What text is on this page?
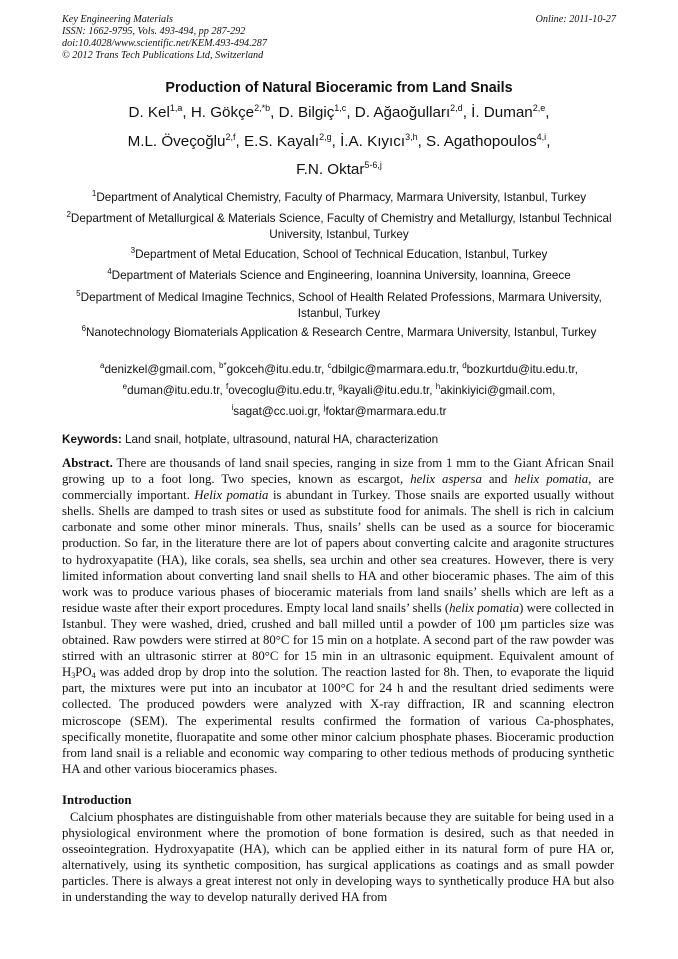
Key Engineering Materials
ISSN: 1662-9795, Vols. 493-494, pp 287-292
doi:10.4028/www.scientific.net/KEM.493-494.287
© 2012 Trans Tech Publications Ltd, Switzerland
Online: 2011-10-27
Production of Natural Bioceramic from Land Snails
D. Kel$^{1,a}$, H. Gökçe$^{2,*b}$, D. Bilgiç$^{1,c}$, D. Ağaoğulları$^{2,d}$, İ. Duman$^{2,e}$,
M.L. Öveçoğlu$^{2,f}$, E.S. Kayalı$^{2,g}$, İ.A. Kıyıcı$^{3,h}$, S. Agathopoulos$^{4,i}$,
F.N. Oktar$^{5-6,j}$
$^1$Department of Analytical Chemistry, Faculty of Pharmacy, Marmara University, Istanbul, Turkey
$^2$Department of Metallurgical & Materials Science, Faculty of Chemistry and Metallurgy, Istanbul Technical University, Istanbul, Turkey
$^3$Department of Metal Education, School of Technical Education, Istanbul, Turkey
$^4$Department of Materials Science and Engineering, Ioannina University, Ioannina, Greece
$^5$Department of Medical Imagine Technics, School of Health Related Professions, Marmara University, Istanbul, Turkey
$^6$Nanotechnology Biomaterials Application & Research Centre, Marmara University, Istanbul, Turkey
$^a$denizkel@gmail.com, $^{b*}$gokceh@itu.edu.tr, $^c$dbilgic@marmara.edu.tr, $^d$bozkurtdu@itu.edu.tr,
$^e$duman@itu.edu.tr, $^f$ovecoglu@itu.edu.tr, $^g$kayali@itu.edu.tr, $^h$akinkiyici@gmail.com,
$^i$sagat@cc.uoi.gr, $^j$foktar@marmara.edu.tr
Keywords: Land snail, hotplate, ultrasound, natural HA, characterization

Abstract. There are thousands of land snail species, ranging in size from 1 mm to the Giant African Snail growing up to a foot long. Two species, known as escargot, helix aspersa and helix pomatia, are commercially important. Helix pomatia is abundant in Turkey. Those snails are exported usually without shells. Shells are damped to trash sites or used as substitute food for animals. The shell is rich in calcium carbonate and some other minor minerals. Thus, snails’ shells can be used as a source for bioceramic production. So far, in the literature there are lot of papers about converting calcite and aragonite structures to hydroxyapatite (HA), like corals, sea shells, sea urchin and other sea creatures. However, there is very limited information about converting land snail shells to HA and other bioceramic phases. The aim of this work was to produce various phases of bioceramic materials from land snails’ shells which are left as a residue waste after their export procedures. Empty local land snails’ shells (helix pomatia) were collected in Istanbul. They were washed, dried, crushed and ball milled until a powder of 100 µm particles size was obtained. Raw powders were stirred at 80°C for 15 min on a hotplate. A second part of the raw powder was stirred with an ultrasonic stirrer at 80°C for 15 min in an ultrasonic equipment. Equivalent amount of $H_3PO_4$ was added drop by drop into the solution. The reaction lasted for 8h. Then, to evaporate the liquid part, the mixtures were put into an incubator at 100°C for 24 h and the resultant dried sediments were collected. The produced powders were analyzed with X-ray diffraction, IR and scanning electron microscope (SEM). The experimental results confirmed the formation of various Ca-phosphates, specifically monetite, fluorapatite and some other minor calcium phosphate phases. Bioceramic production from land snail is a reliable and economic way comparing to other tedious methods of producing synthetic HA and other various bioceramics phases.

Introduction

Calcium phosphates are distinguishable from other materials because they are suitable for being used in a physiological environment where the promotion of bone formation is desired, such as that needed in osseointegration. Hydroxyapatite (HA), which can be applied either in its natural form of pure HA or, alternatively, using its synthetic composition, has surgical applications as coatings and as small powder particles. There is always a great interest not only in developing ways to synthetically produce HA but also in understanding the way to develop naturally derived HA from
